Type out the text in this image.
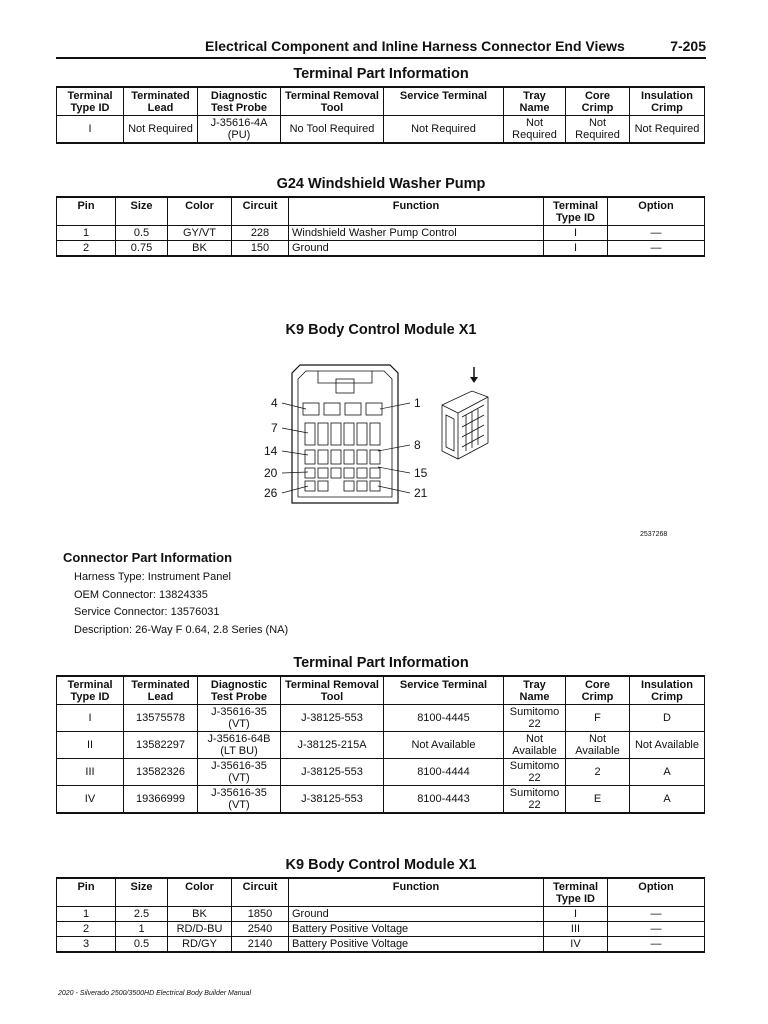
Electrical Component and Inline Harness Connector End Views	7-205
Terminal Part Information
Terminal Type ID	Terminated Lead	Diagnostic Test Probe	Terminal Removal Tool	Service Terminal	Tray Name	Core Crimp	Insulation Crimp
I	Not Required	J-35616-4A (PU)	No Tool Required	Not Required	Not Required	Not Required	Not Required
G24 Windshield Washer Pump
Pin	Size	Color	Circuit	Function	Terminal Type ID	Option
1	0.5	GY/VT	228	Windshield Washer Pump Control	I	—
2	0.75	BK	150	Ground	I	—
K9 Body Control Module X1
4
7
14
20
26
1
8
15
21
2537268
Connector Part Information
Harness Type: Instrument Panel
OEM Connector: 13824335
Service Connector: 13576031
Description: 26-Way F 0.64, 2.8 Series (NA)
Terminal Part Information
Terminal Type ID	Terminated Lead	Diagnostic Test Probe	Terminal Removal Tool	Service Terminal	Tray Name	Core Crimp	Insulation Crimp
I	13575578	J-35616-35 (VT)	J-38125-553	8100-4445	Sumitomo 22	F	D
II	13582297	J-35616-64B (LT BU)	J-38125-215A	Not Available	Not Available	Not Available	Not Available
III	13582326	J-35616-35 (VT)	J-38125-553	8100-4444	Sumitomo 22	2	A
IV	19366999	J-35616-35 (VT)	J-38125-553	8100-4443	Sumitomo 22	E	A
K9 Body Control Module X1
Pin	Size	Color	Circuit	Function	Terminal Type ID	Option
1	2.5	BK	1850	Ground	I	—
2	1	RD/D-BU	2540	Battery Positive Voltage	III	—
3	0.5	RD/GY	2140	Battery Positive Voltage	IV	—
2020 - Silverado 2500/3500HD Electrical Body Builder Manual
